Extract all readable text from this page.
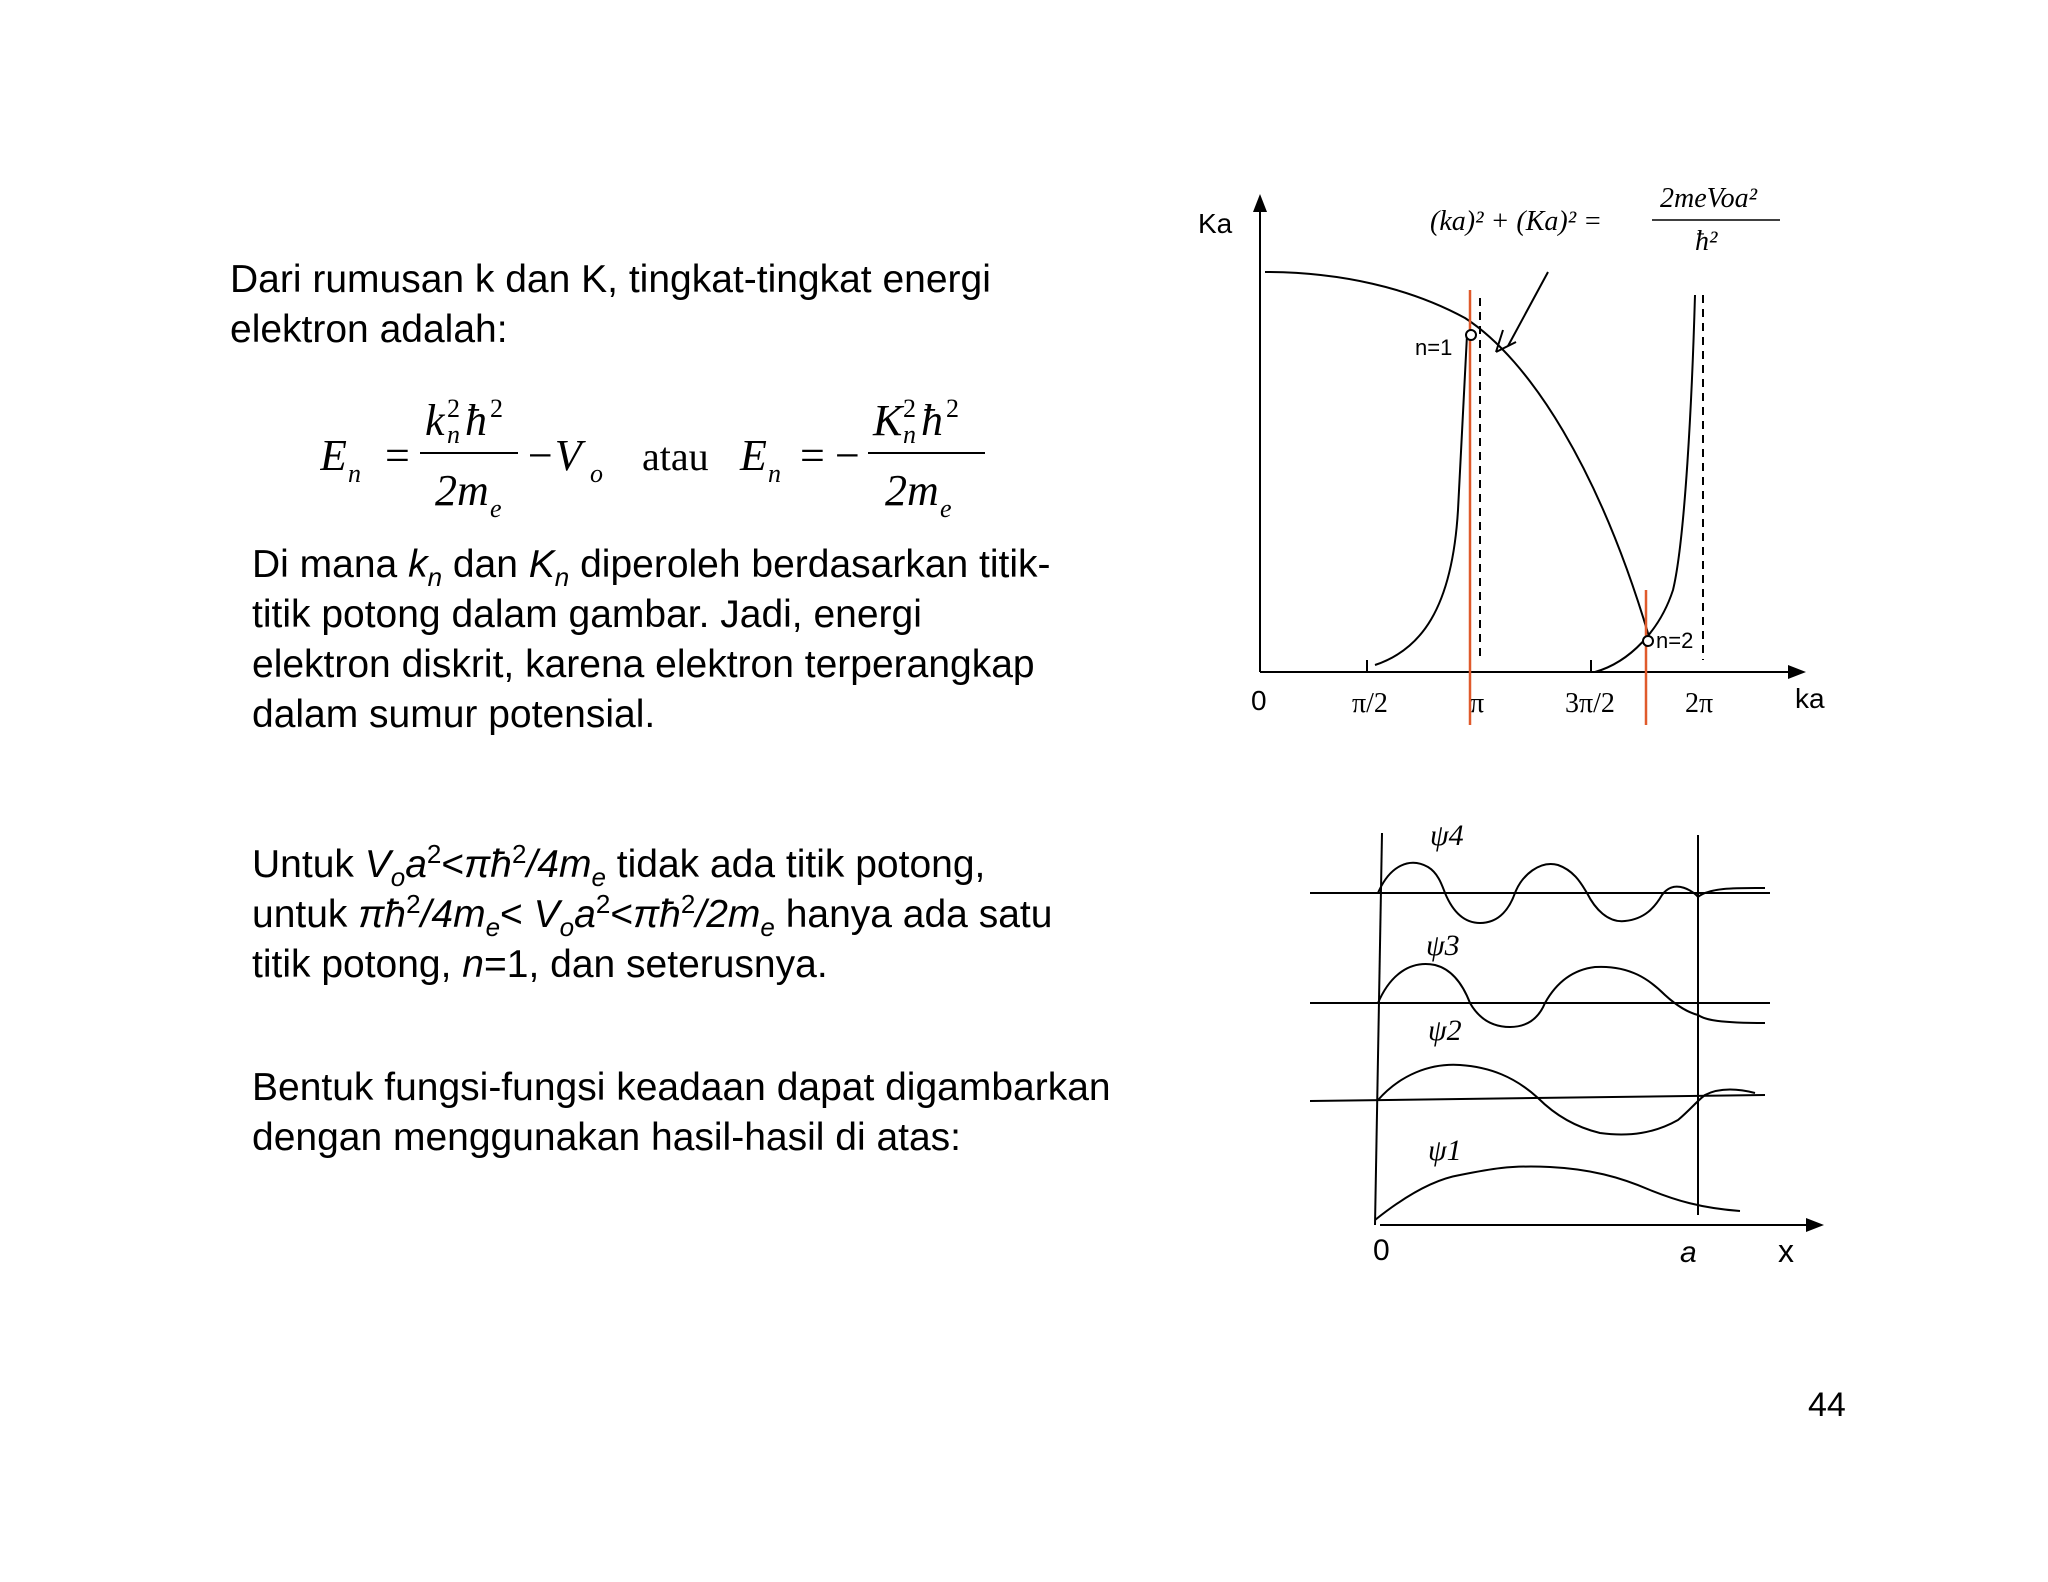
Dari rumusan k dan K, tingkat-tingkat energi
elektron adalah:
E n =
k 2
n ħ 2
2m e
−V o atau E n = −
K 2
n ħ 2
2m e
Di mana $k_n$ dan $K_n$ diperoleh berdasarkan titik-
titik potong dalam gambar. Jadi, energi
elektron diskrit, karena elektron terperangkap
dalam sumur potensial.
Untuk $V_oa^2<\pi ħ^2/4m_e$ tidak ada titik potong,
untuk $\pi ħ^2/4m_e<$ $V_oa^2<\pi ħ^2/2m_e$ hanya ada satu
titik potong, n=1, dan seterusnya.
Bentuk fungsi-fungsi keadaan dapat digambarkan
dengan menggunakan hasil-hasil di atas:
44
Ka
ka
0	π/2	π	3π/2	2π
n=1
n=2
(ka)² + (Ka)² =
2meVoa²
ħ²
0	a	x
ψ4
ψ3
ψ2
ψ1
